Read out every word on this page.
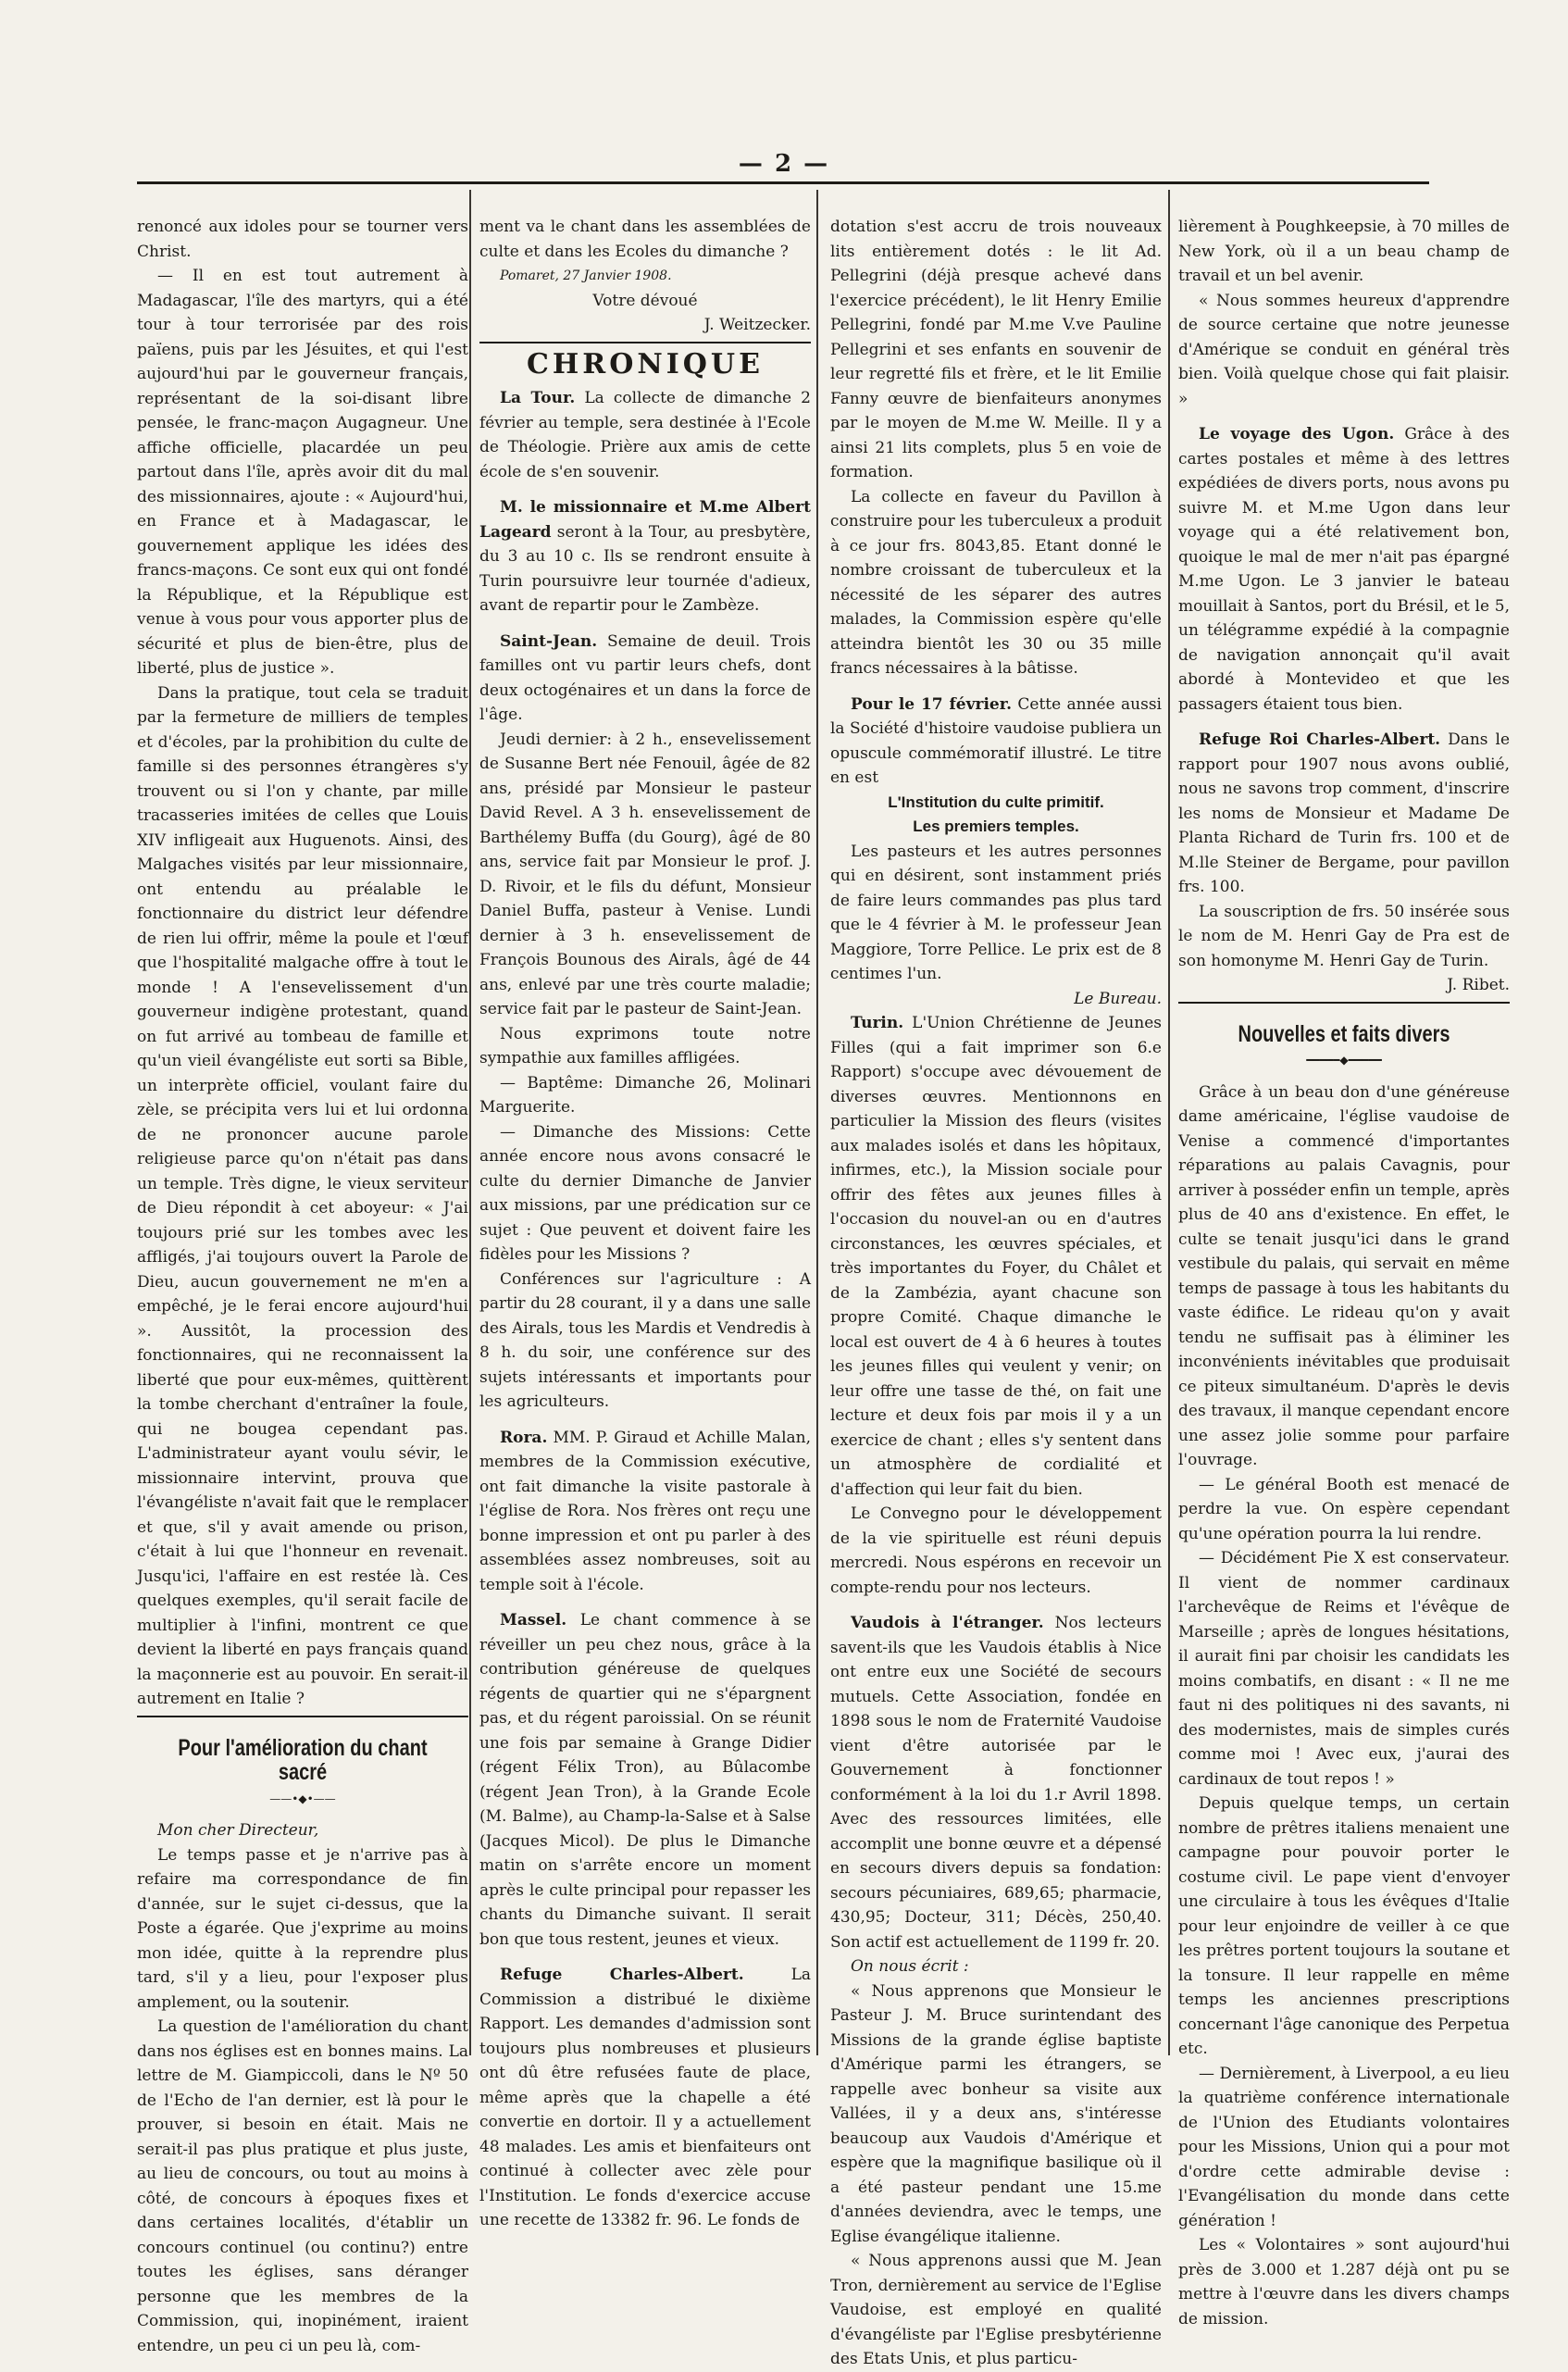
— 2 —

renoncé aux idoles pour se tourner vers Christ.

— Il en est tout autrement à Madagascar, l'île des martyrs, qui a été tour à tour terrorisée par des rois païens, puis par les Jésuites, et qui l'est aujourd'hui par le gouverneur français, représentant de la soi-disant libre pensée, le franc-maçon Augagneur. Une affiche officielle, placardée un peu partout dans l'île, après avoir dit du mal des missionnaires, ajoute : « Aujourd'hui, en France et à Madagascar, le gouvernement applique les idées des francs-maçons. Ce sont eux qui ont fondé la République, et la République est venue à vous pour vous apporter plus de sécurité et plus de bien-être, plus de liberté, plus de justice ».

Dans la pratique, tout cela se traduit par la fermeture de milliers de temples et d'écoles, par la prohibition du culte de famille si des personnes étrangères s'y trouvent ou si l'on y chante, par mille tracasseries imitées de celles que Louis XIV infligeait aux Huguenots. Ainsi, des Malgaches visités par leur missionnaire, ont entendu au préalable le fonctionnaire du district leur défendre de rien lui offrir, même la poule et l'œuf que l'hospitalité malgache offre à tout le monde ! A l'ensevelissement d'un gouverneur indigène protestant, quand on fut arrivé au tombeau de famille et qu'un vieil évangéliste eut sorti sa Bible, un interprète officiel, voulant faire du zèle, se précipita vers lui et lui ordonna de ne prononcer aucune parole religieuse parce qu'on n'était pas dans un temple. Très digne, le vieux serviteur de Dieu répondit à cet aboyeur: « J'ai toujours prié sur les tombes avec les affligés, j'ai toujours ouvert la Parole de Dieu, aucun gouvernement ne m'en a empêché, je le ferai encore aujourd'hui ». Aussitôt, la procession des fonctionnaires, qui ne reconnaissent la liberté que pour eux-mêmes, quittèrent la tombe cherchant d'entraîner la foule, qui ne bougea cependant pas. L'administrateur ayant voulu sévir, le missionnaire intervint, prouva que l'évangéliste n'avait fait que le remplacer et que, s'il y avait amende ou prison, c'était à lui que l'honneur en revenait. Jusqu'ici, l'affaire en est restée là. Ces quelques exemples, qu'il serait facile de multiplier à l'infini, montrent ce que devient la liberté en pays français quand la maçonnerie est au pouvoir. En serait-il autrement en Italie ?

Pour l'amélioration du chant sacré

——•◆•——

Mon cher Directeur,

Le temps passe et je n'arrive pas à refaire ma correspondance de fin d'année, sur le sujet ci-dessus, que la Poste a égarée. Que j'exprime au moins mon idée, quitte à la reprendre plus tard, s'il y a lieu, pour l'exposer plus amplement, ou la soutenir.

La question de l'amélioration du chant dans nos églises est en bonnes mains. La lettre de M. Giampiccoli, dans le Nº 50 de l'Echo de l'an dernier, est là pour le prouver, si besoin en était. Mais ne serait-il pas plus pratique et plus juste, au lieu de concours, ou tout au moins à côté, de concours à époques fixes et dans certaines localités, d'établir un concours continuel (ou continu?) entre toutes les églises, sans déranger personne que les membres de la Commission, qui, inopinément, iraient entendre, un peu ci un peu là, com-

ment va le chant dans les assemblées de culte et dans les Ecoles du dimanche ?

Pomaret, 27 Janvier 1908.

Votre dévoué

J. Weitzecker.

CHRONIQUE

La Tour. La collecte de dimanche 2 février au temple, sera destinée à l'Ecole de Théologie. Prière aux amis de cette école de s'en souvenir.

M. le missionnaire et M.me Albert Lageard seront à la Tour, au presbytère, du 3 au 10 c. Ils se rendront ensuite à Turin poursuivre leur tournée d'adieux, avant de repartir pour le Zambèze.

Saint-Jean. Semaine de deuil. Trois familles ont vu partir leurs chefs, dont deux octogénaires et un dans la force de l'âge.

Jeudi dernier: à 2 h., ensevelissement de Susanne Bert née Fenouil, âgée de 82 ans, présidé par Monsieur le pasteur David Revel. A 3 h. ensevelissement de Barthélemy Buffa (du Gourg), âgé de 80 ans, service fait par Monsieur le prof. J. D. Rivoir, et le fils du défunt, Monsieur Daniel Buffa, pasteur à Venise. Lundi dernier à 3 h. ensevelissement de François Bounous des Airals, âgé de 44 ans, enlevé par une très courte maladie; service fait par le pasteur de Saint-Jean.

Nous exprimons toute notre sympathie aux familles affligées.

— Baptême: Dimanche 26, Molinari Marguerite.

— Dimanche des Missions: Cette année encore nous avons consacré le culte du dernier Dimanche de Janvier aux missions, par une prédication sur ce sujet : Que peuvent et doivent faire les fidèles pour les Missions ?

Conférences sur l'agriculture : A partir du 28 courant, il y a dans une salle des Airals, tous les Mardis et Vendredis à 8 h. du soir, une conférence sur des sujets intéressants et importants pour les agriculteurs.

Rora. MM. P. Giraud et Achille Malan, membres de la Commission exécutive, ont fait dimanche la visite pastorale à l'église de Rora. Nos frères ont reçu une bonne impression et ont pu parler à des assemblées assez nombreuses, soit au temple soit à l'école.

Massel. Le chant commence à se réveiller un peu chez nous, grâce à la contribution généreuse de quelques régents de quartier qui ne s'épargnent pas, et du régent paroissial. On se réunit une fois par semaine à Grange Didier (régent Félix Tron), au Bûlacombe (régent Jean Tron), à la Grande Ecole (M. Balme), au Champ-la-Salse et à Salse (Jacques Micol). De plus le Dimanche matin on s'arrête encore un moment après le culte principal pour repasser les chants du Dimanche suivant. Il serait bon que tous restent, jeunes et vieux.

Refuge Charles-Albert.	La Commission a distribué le dixième Rapport. Les demandes d'admission sont toujours plus nombreuses et plusieurs ont dû être refusées faute de place, même après que la chapelle a été convertie en dortoir. Il y a actuellement 48 malades. Les amis et bienfaiteurs ont continué à collecter avec zèle pour l'Institution. Le fonds d'exercice accuse une recette de 13382 fr. 96. Le fonds de

dotation s'est accru de trois nouveaux lits entièrement dotés : le lit Ad. Pellegrini (déjà presque achevé dans l'exercice précédent), le lit Henry Emilie Pellegrini, fondé par M.me V.ve Pauline Pellegrini et ses enfants en souvenir de leur regretté fils et frère, et le lit Emilie Fanny œuvre de bienfaiteurs anonymes par le moyen de M.me W. Meille. Il y a ainsi 21 lits complets, plus 5 en voie de formation.

La collecte en faveur du Pavillon à construire pour les tuberculeux a produit à ce jour frs. 8043,85. Etant donné le nombre croissant de tuberculeux et la nécessité de les séparer des autres malades, la Commission espère qu'elle atteindra bientôt les 30 ou 35 mille francs nécessaires à la bâtisse.

Pour le 17 février. Cette année aussi la Société d'histoire vaudoise publiera un opuscule commémoratif illustré. Le titre en est

L'Institution du culte primitif.

Les premiers temples.

Les pasteurs et les autres personnes qui en désirent, sont instamment priés de faire leurs commandes pas plus tard que le 4 février à M. le professeur Jean Maggiore, Torre Pellice. Le prix est de 8 centimes l'un.

Le Bureau.

Turin. L'Union Chrétienne de Jeunes Filles (qui a fait imprimer son 6.e Rapport) s'occupe avec dévouement de diverses œuvres. Mentionnons en particulier la Mission des fleurs (visites aux malades isolés et dans les hôpitaux, infirmes, etc.), la Mission sociale pour offrir des fêtes aux jeunes filles à l'occasion du nouvel-an ou en d'autres circonstances, les œuvres spéciales, et très importantes du Foyer, du Châlet et de la Zambézia, ayant chacune son propre Comité. Chaque dimanche le local est ouvert de 4 à 6 heures à toutes les jeunes filles qui veulent y venir; on leur offre une tasse de thé, on fait une lecture et deux fois par mois il y a un exercice de chant ; elles s'y sentent dans un atmosphère de cordialité et d'affection qui leur fait du bien.

Le Convegno pour le développement de la vie spirituelle est réuni depuis mercredi. Nous espérons en recevoir un compte-rendu pour nos lecteurs.

Vaudois à l'étranger. Nos lecteurs savent-ils que les Vaudois établis à Nice ont entre eux une Société de secours mutuels. Cette Association, fondée en 1898 sous le nom de Fraternité Vaudoise vient d'être autorisée par le Gouvernement à fonctionner conformément à la loi du 1.r Avril 1898. Avec des ressources limitées, elle accomplit une bonne œuvre et a dépensé en secours divers depuis sa fondation: secours pécuniaires, 689,65; pharmacie, 430,95; Docteur, 311; Décès, 250,40. Son actif est actuellement de 1199 fr. 20.

On nous écrit :

« Nous apprenons que Monsieur le Pasteur J. M. Bruce surintendant des Missions de la grande église baptiste d'Amérique parmi les étrangers, se rappelle avec bonheur sa visite aux Vallées, il y a deux ans, s'intéresse beaucoup aux Vaudois d'Amérique et espère que la magnifique basilique où il a été pasteur pendant une 15.me d'années deviendra, avec le temps, une Eglise évangélique italienne.

« Nous apprenons aussi que M. Jean Tron, dernièrement au service de l'Eglise Vaudoise, est employé en qualité d'évangéliste par l'Eglise presbytérienne des Etats Unis, et plus particu-

lièrement à Poughkeepsie, à 70 milles de New York, où il a un beau champ de travail et un bel avenir.

« Nous sommes heureux d'apprendre de source certaine que notre jeunesse d'Amérique se conduit en général très bien. Voilà quelque chose qui fait plaisir. »

Le voyage des Ugon. Grâce à des cartes postales et même à des lettres expédiées de divers ports, nous avons pu suivre M. et M.me Ugon dans leur voyage qui a été relativement bon, quoique le mal de mer n'ait pas épargné M.me Ugon. Le 3 janvier le bateau mouillait à Santos, port du Brésil, et le 5, un télégramme expédié à la compagnie de navigation annonçait qu'il avait abordé à Montevideo et que les passagers étaient tous bien.

Refuge Roi Charles-Albert. Dans le rapport pour 1907 nous avons oublié, nous ne savons trop comment, d'inscrire les noms de Monsieur et Madame De Planta Richard de Turin frs. 100 et de M.lle Steiner de Bergame, pour pavillon frs. 100.

La souscription de frs. 50 insérée sous le nom de M. Henri Gay de Pra est de son homonyme M. Henri Gay de Turin.

J. Ribet.

Nouvelles et faits divers

━━━━━◆━━━━━

Grâce à un beau don d'une généreuse dame américaine, l'église vaudoise de Venise a commencé d'importantes réparations au palais Cavagnis, pour arriver à posséder enfin un temple, après plus de 40 ans d'existence. En effet, le culte se tenait jusqu'ici dans le grand vestibule du palais, qui servait en même temps de passage à tous les habitants du vaste édifice. Le rideau qu'on y avait tendu ne suffisait pas à éliminer les inconvénients inévitables que produisait ce piteux simultanéum. D'après le devis des travaux, il manque cependant encore une assez jolie somme pour parfaire l'ouvrage.

— Le général Booth est menacé de perdre la vue. On espère cependant qu'une opération pourra la lui rendre.

— Décidément Pie X est conservateur. Il vient de nommer cardinaux l'archevêque de Reims et l'évêque de Marseille ; après de longues hésitations, il aurait fini par choisir les candidats les moins combatifs, en disant : « Il ne me faut ni des politiques ni des savants, ni des modernistes, mais de simples curés comme moi ! Avec eux, j'aurai des cardinaux de tout repos ! »

Depuis quelque temps, un certain nombre de prêtres italiens menaient une campagne pour pouvoir porter le costume civil. Le pape vient d'envoyer une circulaire à tous les évêques d'Italie pour leur enjoindre de veiller à ce que les prêtres portent toujours la soutane et la tonsure. Il leur rappelle en même temps les anciennes prescriptions concernant l'âge canonique des Perpetua etc.

— Dernièrement, à Liverpool, a eu lieu la quatrième conférence internationale de l'Union des Etudiants volontaires pour les Missions, Union qui a pour mot d'ordre cette admirable devise : l'Evangélisation du monde dans cette génération !

Les « Volontaires » sont aujourd'hui près de 3.000 et 1.287 déjà ont pu se mettre à l'œuvre dans les divers champs de mission.
